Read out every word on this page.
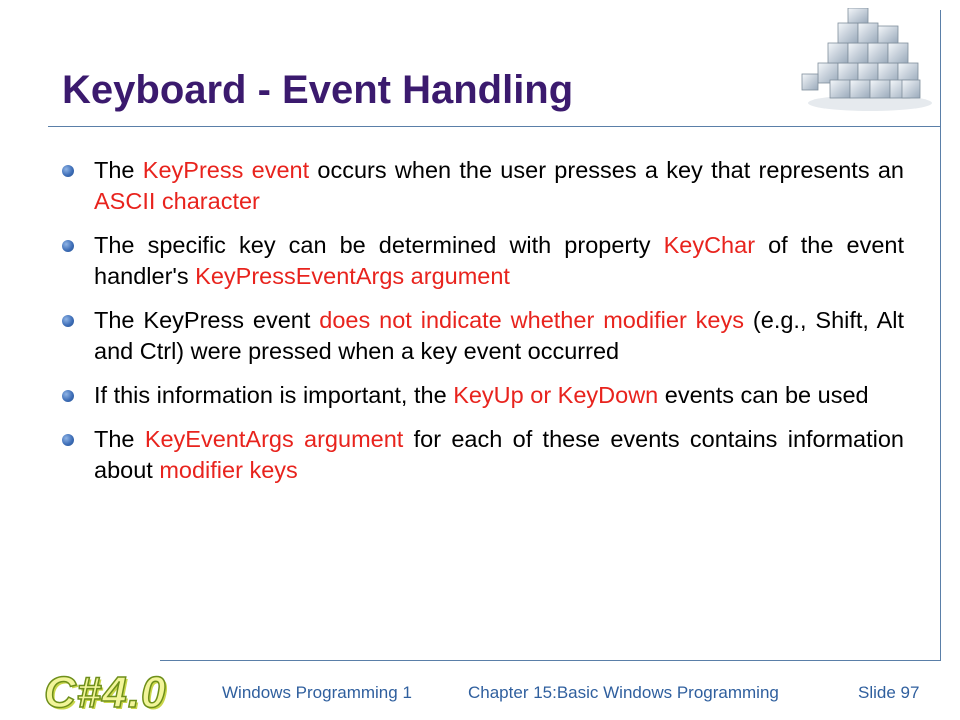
Keyboard - Event Handling
The KeyPress event occurs when the user presses a key that represents an ASCII character
The specific key can be determined with property KeyChar of the event handler's KeyPressEventArgs argument
The KeyPress event does not indicate whether modifier keys (e.g., Shift, Alt and Ctrl) were pressed when a key event occurred
If this information is important, the KeyUp or KeyDown events can be used
The KeyEventArgs argument for each of these events contains information about modifier keys
C#4.0	Windows Programming 1	Chapter 15:Basic Windows Programming	Slide 97
